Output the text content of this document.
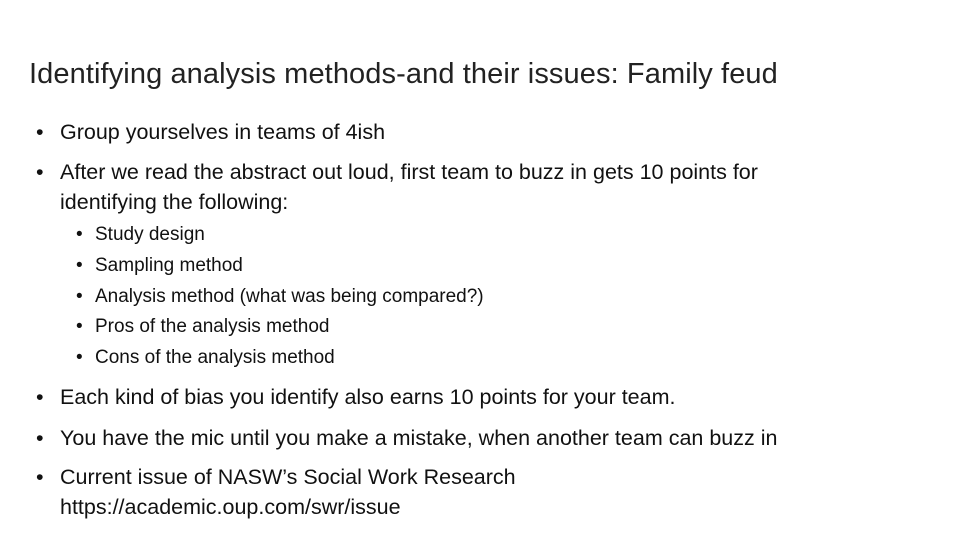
Identifying analysis methods-and their issues: Family feud
• Group yourselves in teams of 4ish
• After we read the abstract out loud, first team to buzz in gets 10 points for
identifying the following:
• Study design
• Sampling method
• Analysis method (what was being compared?)
• Pros of the analysis method
• Cons of the analysis method
• Each kind of bias you identify also earns 10 points for your team.
• You have the mic until you make a mistake, when another team can buzz in
• Current issue of NASW’s Social Work Research
https://academic.oup.com/swr/issue
